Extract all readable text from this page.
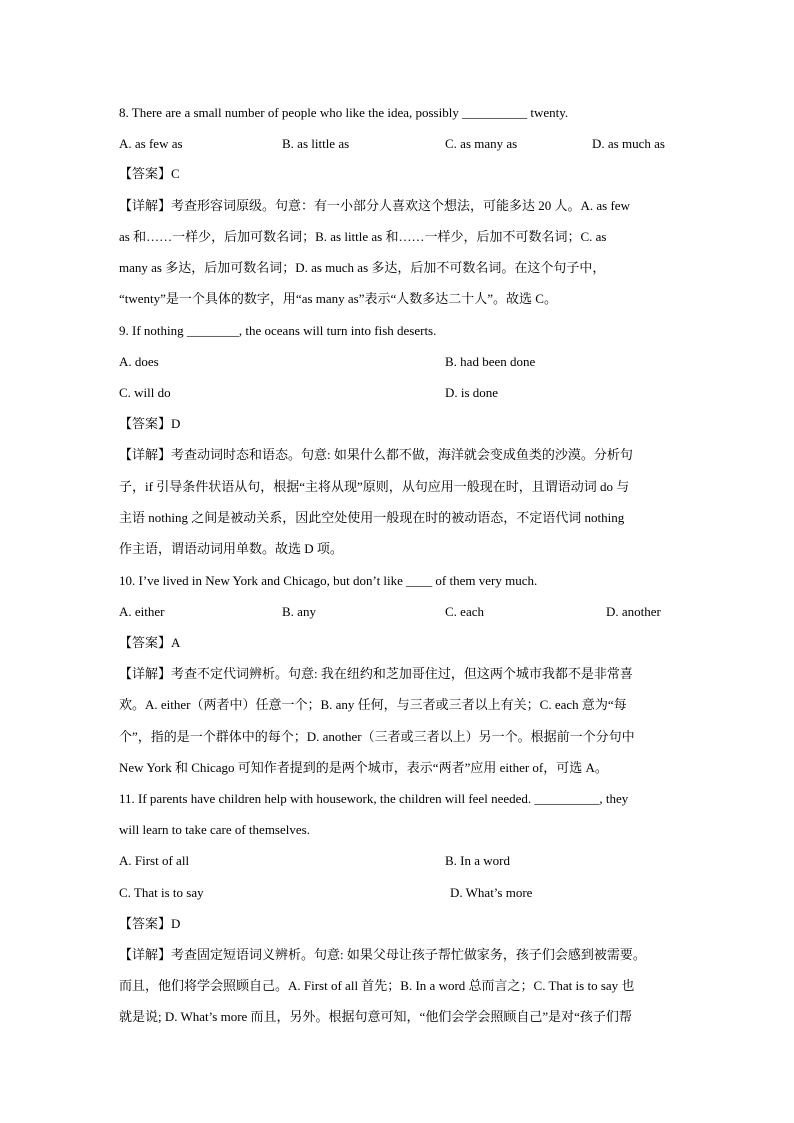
8. There are a small number of people who like the idea, possibly __________ twenty.
A. as few as	B. as little as	C. as many as	D. as much as
【答案】C
【详解】考查形容词原级。句意：有一小部分人喜欢这个想法，可能多达 20 人。A. as few
as 和……一样少，后加可数名词；B. as little as 和……一样少，后加不可数名词；C. as
many as 多达，后加可数名词；D. as much as 多达，后加不可数名词。在这个句子中，
“twenty”是一个具体的数字，用“as many as”表示“人数多达二十人”。故选 C。
9. If nothing ________, the oceans will turn into fish deserts.
A. does	B. had been done
C. will do	D. is done
【答案】D
【详解】考查动词时态和语态。句意: 如果什么都不做，海洋就会变成鱼类的沙漠。分析句
子，if 引导条件状语从句，根据“主将从现”原则，从句应用一般现在时，且谓语动词 do 与
主语 nothing 之间是被动关系，因此空处使用一般现在时的被动语态，不定语代词 nothing
作主语，谓语动词用单数。故选 D 项。
10. I’ve lived in New York and Chicago, but don’t like ____ of them very much.
A. either	B. any	C. each	D. another
【答案】A
【详解】考查不定代词辨析。句意: 我在纽约和芝加哥住过，但这两个城市我都不是非常喜
欢。A. either（两者中）任意一个；B. any 任何，与三者或三者以上有关；C. each 意为“每
个”，指的是一个群体中的每个；D. another（三者或三者以上）另一个。根据前一个分句中
New York 和 Chicago 可知作者提到的是两个城市，表示“两者”应用 either of，可选 A。
11. If parents have children help with housework, the children will feel needed. __________, they
will learn to take care of themselves.
A. First of all	B. In a word
C. That is to say	D. What’s more
【答案】D
【详解】考查固定短语词义辨析。句意: 如果父母让孩子帮忙做家务，孩子们会感到被需要。
而且，他们将学会照顾自己。A. First of all 首先；B. In a word 总而言之；C. That is to say 也
就是说; D. What’s more 而且，另外。根据句意可知，“他们会学会照顾自己”是对“孩子们帮
